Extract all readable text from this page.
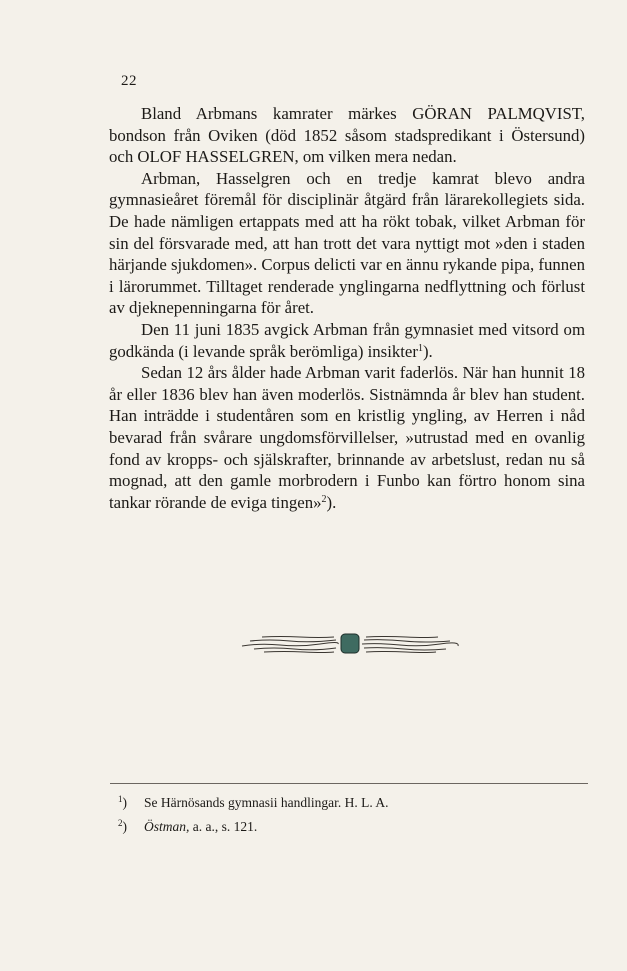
22

Bland Arbmans kamrater märkes GÖRAN PALMQVIST, bondson från Oviken (död 1852 såsom stadspredikant i Östersund) och OLOF HASSELGREN, om vilken mera nedan.

Arbman, Hasselgren och en tredje kamrat blevo andra gymnasieåret föremål för disciplinär åtgärd från lärarekollegiets sida. De hade nämligen ertappats med att ha rökt tobak, vilket Arbman för sin del försvarade med, att han trott det vara nyttigt mot »den i staden härjande sjukdomen». Corpus delicti var en ännu rykande pipa, funnen i lärorummet. Tilltaget renderade ynglingarna nedflyttning och förlust av djeknepenningarna för året.

Den 11 juni 1835 avgick Arbman från gymnasiet med vitsord om godkända (i levande språk berömliga) insikter$^1$).

Sedan 12 års ålder hade Arbman varit faderlös. När han hunnit 18 år eller 1836 blev han även moderlös. Sistnämnda år blev han student. Han inträdde i studentåren som en kristlig yngling, av Herren i nåd bevarad från svårare ungdomsförvillelser, »utrustad med en ovanlig fond av kropps- och själskrafter, brinnande av arbetslust, redan nu så mognad, att den gamle morbrodern i Funbo kan förtro honom sina tankar rörande de eviga tingen»$^2$).

$^1$)	Se Härnösands gymnasii handlingar. H. L. A.
$^2$)	Östman, a. a., s. 121.
